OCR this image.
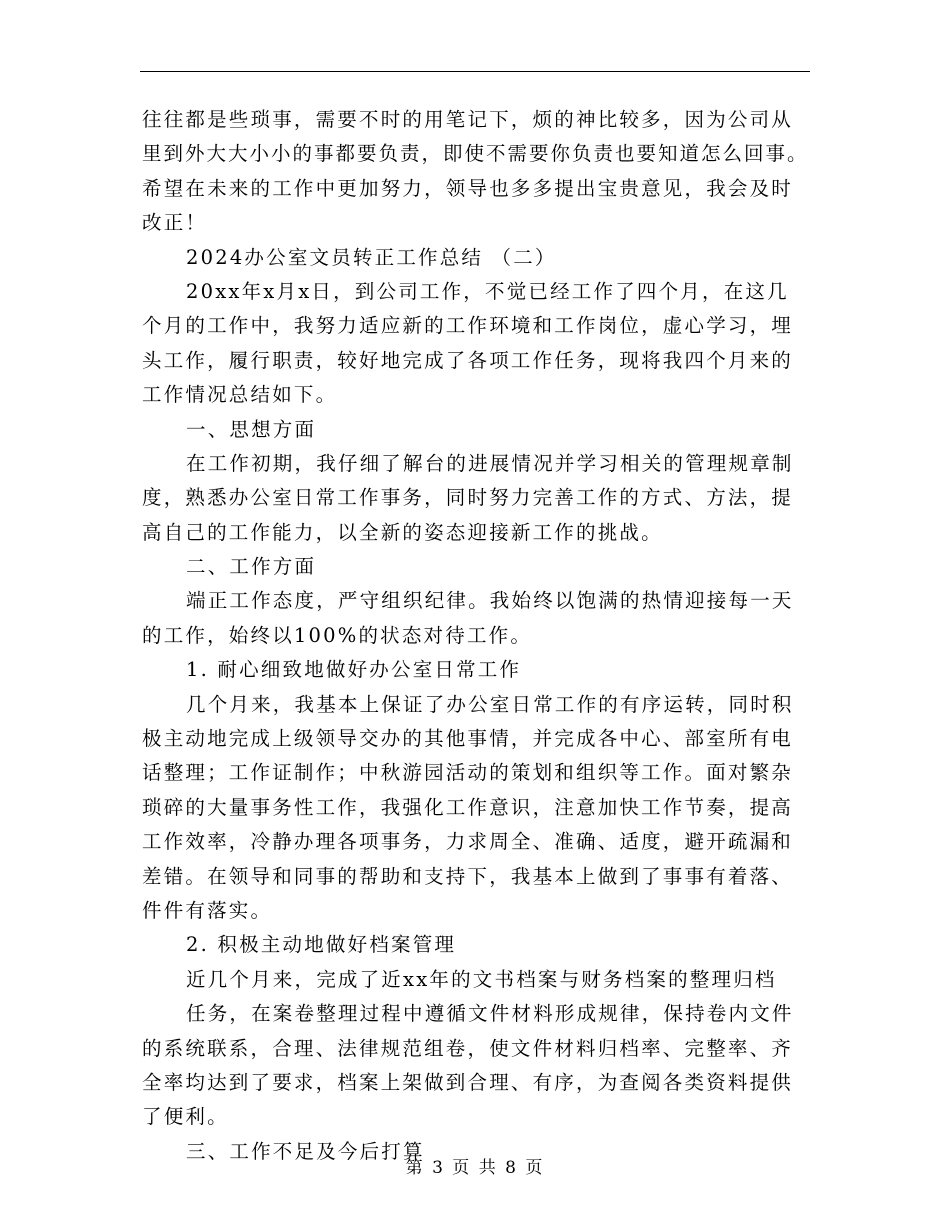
往往都是些琐事，需要不时的用笔记下，烦的神比较多，因为公司从
里到外大大小小的事都要负责，即使不需要你负责也要知道怎么回事。
希望在未来的工作中更加努力，领导也多多提出宝贵意见，我会及时
改正！
2024办公室文员转正工作总结 （二）
20xx年x月x日，到公司工作，不觉已经工作了四个月，在这几
个月的工作中，我努力适应新的工作环境和工作岗位，虚心学习，埋
头工作，履行职责，较好地完成了各项工作任务，现将我四个月来的
工作情况总结如下。
一、思想方面
在工作初期，我仔细了解台的进展情况并学习相关的管理规章制
度，熟悉办公室日常工作事务，同时努力完善工作的方式、方法，提
高自己的工作能力，以全新的姿态迎接新工作的挑战。
二、工作方面
端正工作态度，严守组织纪律。我始终以饱满的热情迎接每一天
的工作，始终以100%的状态对待工作。
1. 耐心细致地做好办公室日常工作
几个月来，我基本上保证了办公室日常工作的有序运转，同时积
极主动地完成上级领导交办的其他事情，并完成各中心、部室所有电
话整理；工作证制作；中秋游园活动的策划和组织等工作。面对繁杂
琐碎的大量事务性工作，我强化工作意识，注意加快工作节奏，提高
工作效率，冷静办理各项事务，力求周全、准确、适度，避开疏漏和
差错。在领导和同事的帮助和支持下，我基本上做到了事事有着落、
件件有落实。
2. 积极主动地做好档案管理
近几个月来，完成了近xx年的文书档案与财务档案的整理归档
任务，在案卷整理过程中遵循文件材料形成规律，保持卷内文件
的系统联系，合理、法律规范组卷，使文件材料归档率、完整率、齐
全率均达到了要求，档案上架做到合理、有序，为查阅各类资料提供
了便利。
三、工作不足及今后打算
第 3 页 共 8 页
